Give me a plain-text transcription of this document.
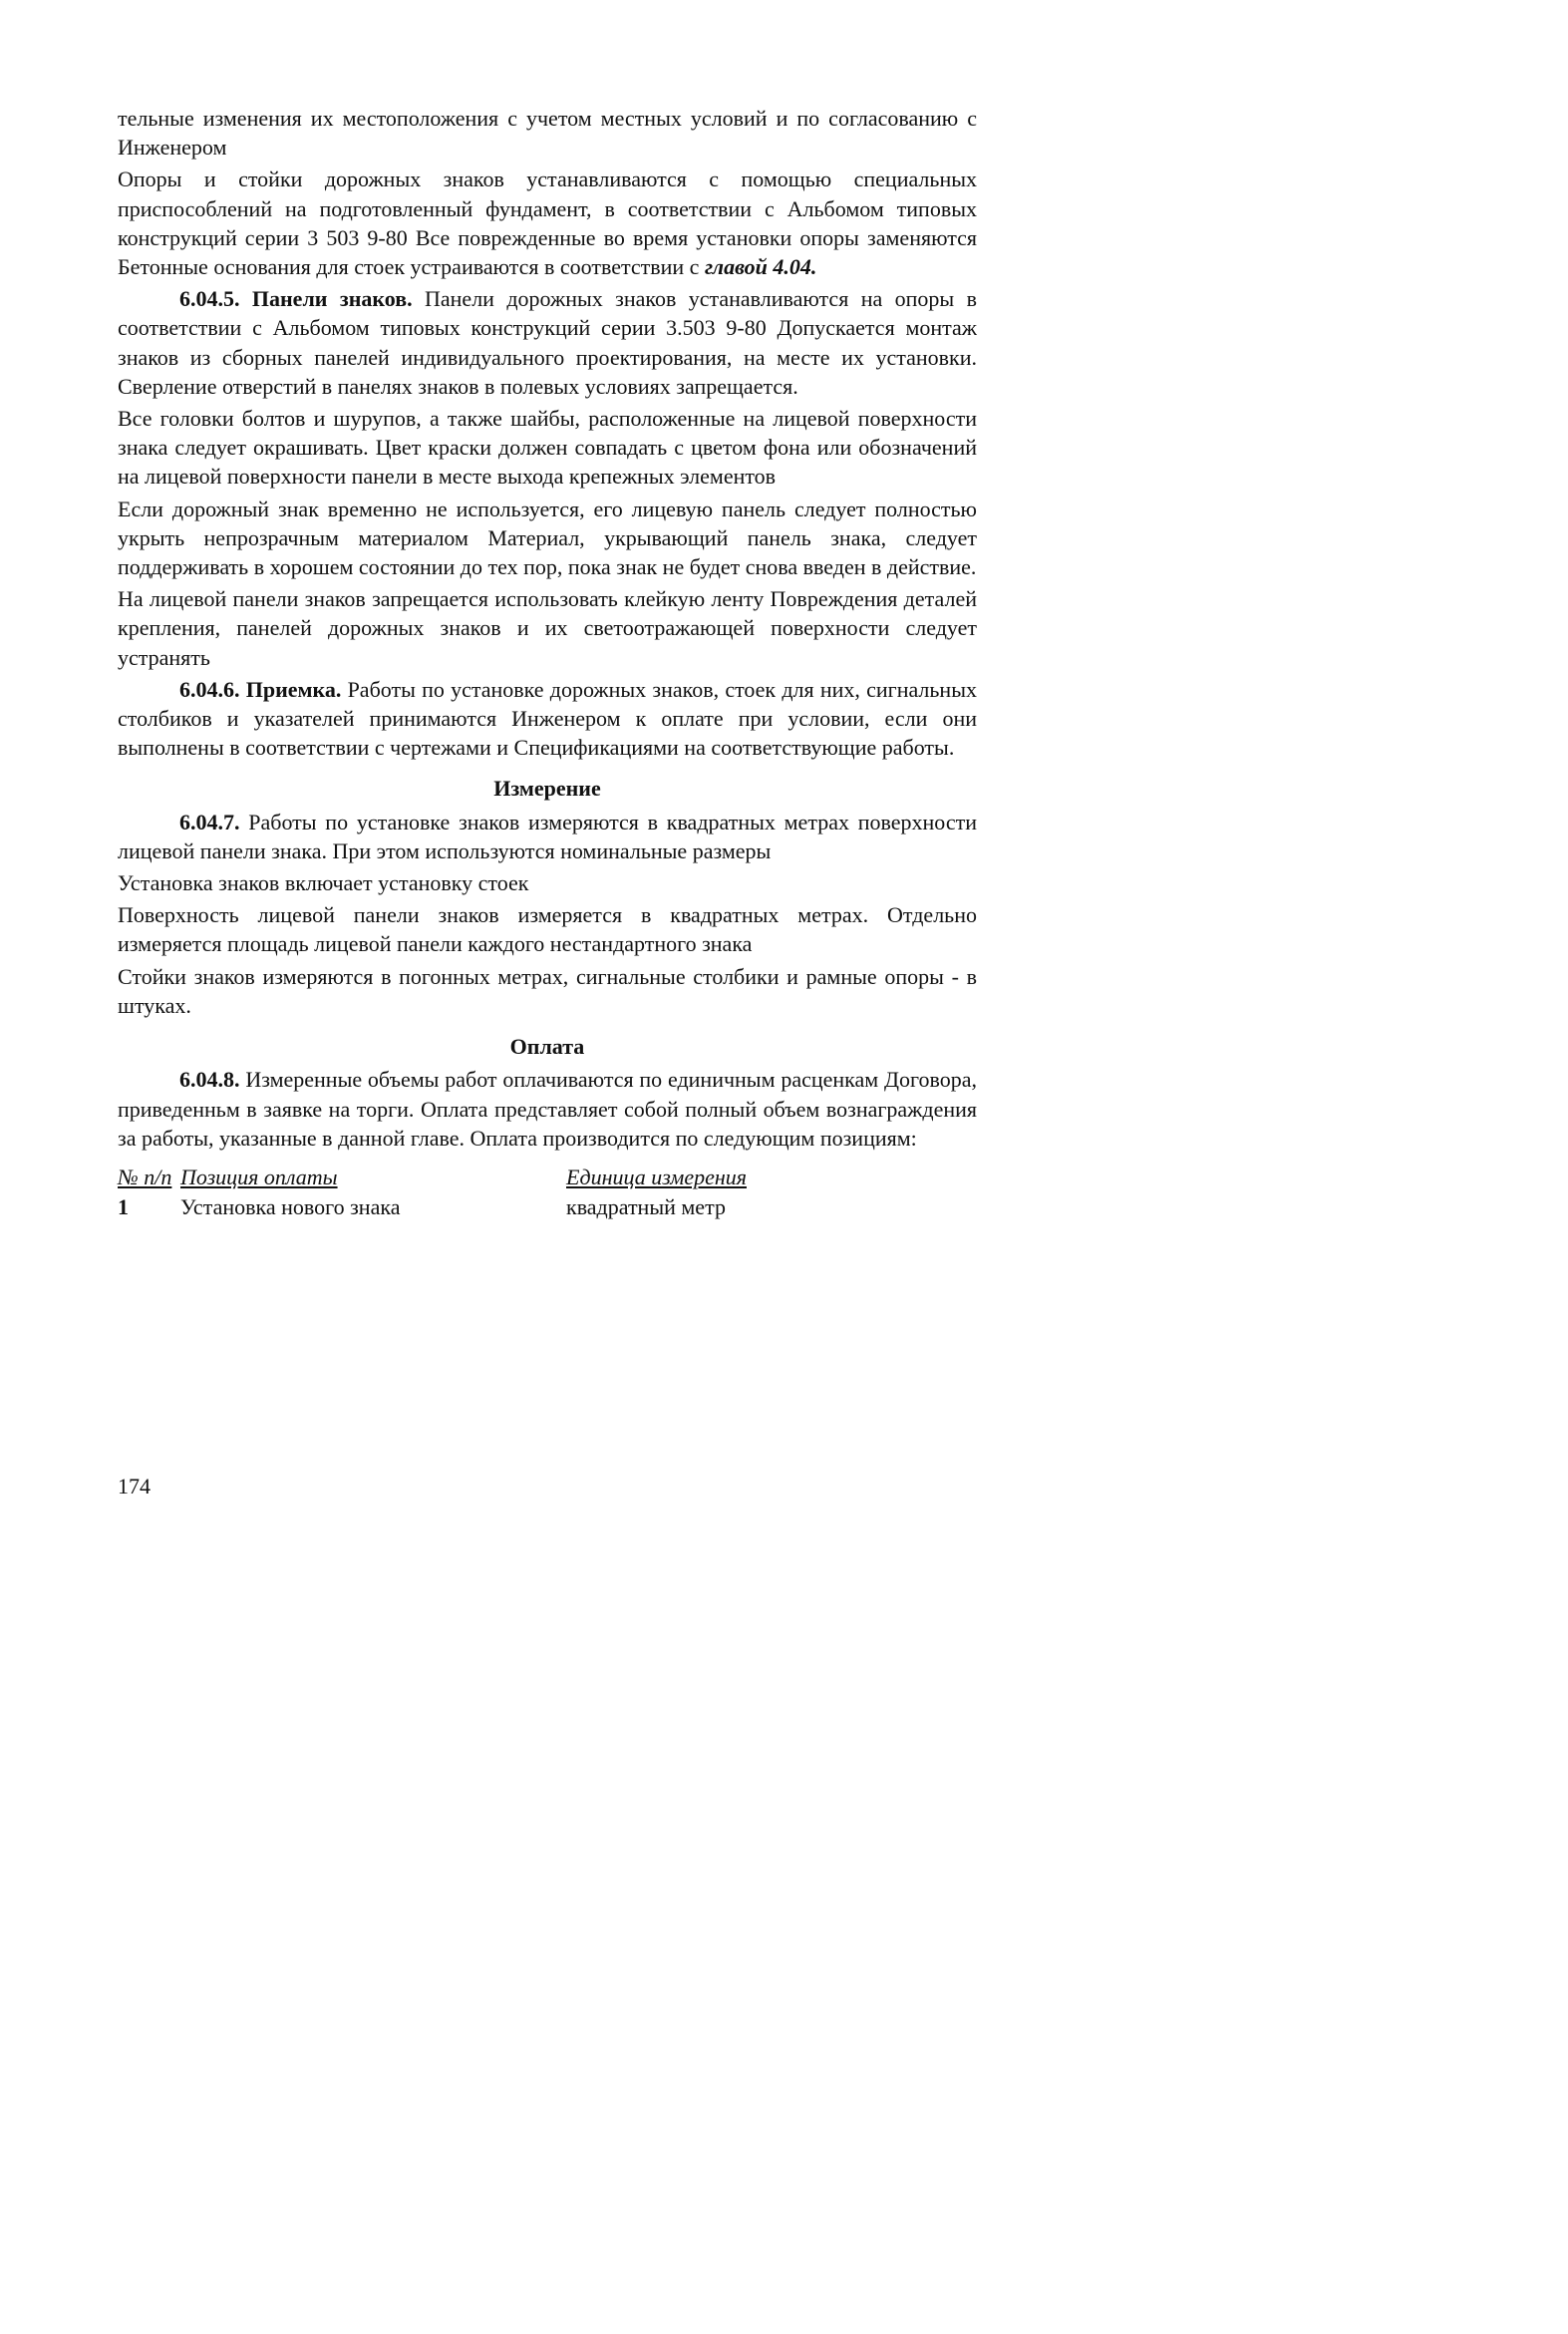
тельные изменения их местоположения с учетом местных условий и по согласованию с Инженером

Опоры и стойки дорожных знаков устанавливаются с помощью специальных приспособлений на подготовленный фундамент, в соответствии с Альбомом типовых конструкций серии 3 503 9-80 Все поврежденные во время установки опоры заменяются Бетонные основания для стоек устраиваются в соответствии с главой 4.04.

6.04.5. Панели знаков. Панели дорожных знаков устанавливаются на опоры в соответствии с Альбомом типовых конструкций серии 3.503 9-80 Допускается монтаж знаков из сборных панелей индивидуального проектирования, на месте их установки. Сверление отверстий в панелях знаков в полевых условиях запрещается.

Все головки болтов и шурупов, а также шайбы, расположенные на лицевой поверхности знака следует окрашивать. Цвет краски должен совпадать с цветом фона или обозначений на лицевой поверхности панели в месте выхода крепежных элементов

Если дорожный знак временно не используется, его лицевую панель следует полностью укрыть непрозрачным материалом Материал, укрывающий панель знака, следует поддерживать в хорошем состоянии до тех пор, пока знак не будет снова введен в действие.

На лицевой панели знаков запрещается использовать клейкую ленту Повреждения деталей крепления, панелей дорожных знаков и их светоотражающей поверхности следует устранять

6.04.6. Приемка. Работы по установке дорожных знаков, стоек для них, сигнальных столбиков и указателей принимаются Инженером к оплате при условии, если они выполнены в соответствии с чертежами и Спецификациями на соответствующие работы.

Измерение

6.04.7. Работы по установке знаков измеряются в квадратных метрах поверхности лицевой панели знака. При этом используются номинальные размеры

Установка знаков включает установку стоек

Поверхность лицевой панели знаков измеряется в квадратных метрах. Отдельно измеряется площадь лицевой панели каждого нестандартного знака

Стойки знаков измеряются в погонных метрах, сигнальные столбики и рамные опоры - в штуках.

Оплата

6.04.8. Измеренные объемы работ оплачиваются по единичным расценкам Договора, приведенньм в заявке на торги. Оплата представляет собой полный объем вознаграждения за работы, указанные в данной главе. Оплата производится по следующим позициям:

№ п/п Позиция оплаты	Единица измерения
1 Установка нового знака	квадратный метр
174
